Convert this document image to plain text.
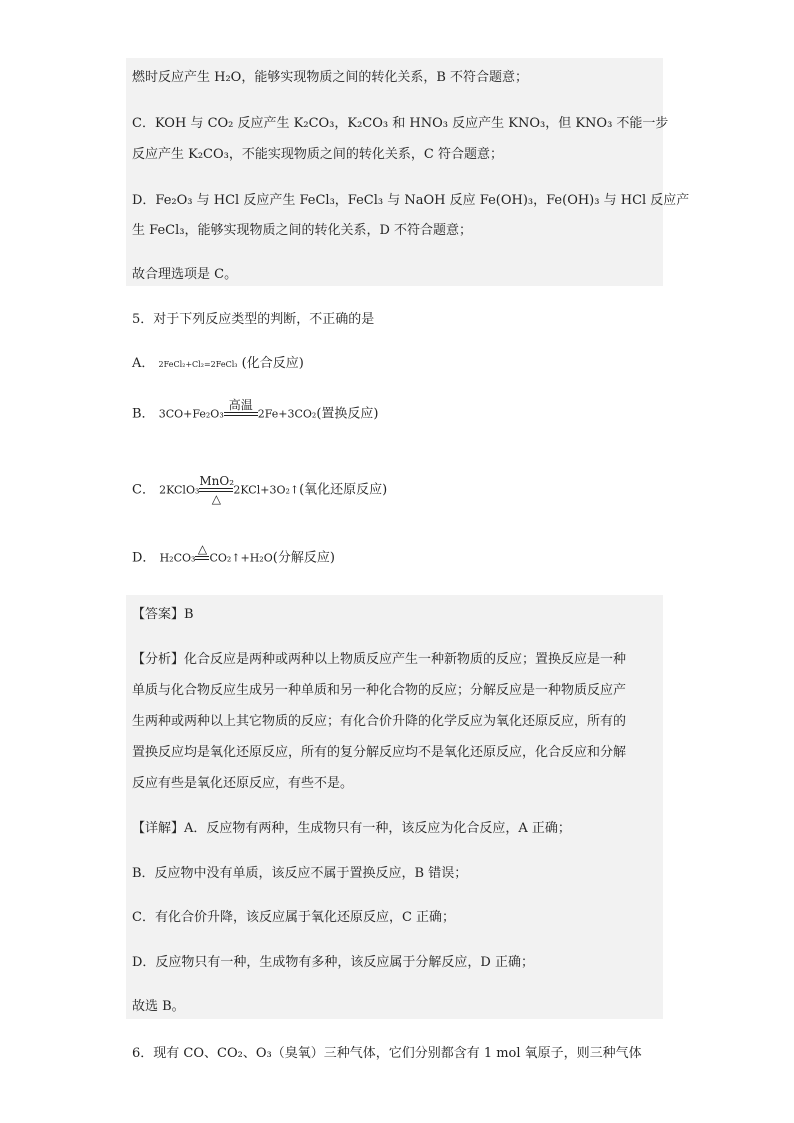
燃时反应产生 H₂O，能够实现物质之间的转化关系，B 不符合题意；
C．KOH 与 CO₂ 反应产生 K₂CO₃，K₂CO₃ 和 HNO₃ 反应产生 KNO₃，但 KNO₃ 不能一步
反应产生 K₂CO₃，不能实现物质之间的转化关系，C 符合题意；
D．Fe₂O₃ 与 HCl 反应产生 FeCl₃，FeCl₃ 与 NaOH 反应 Fe(OH)₃，Fe(OH)₃ 与 HCl 反应产
生 FeCl₃，能够实现物质之间的转化关系，D 不符合题意；
故合理选项是 C。
5．对于下列反应类型的判断，不正确的是
A． 2FeCl₂+Cl₂=2FeCl₃ (化合反应)
B． 3CO+Fe₂O₃
高温

2Fe+3CO₂(置换反应)
C． 2KClO₃
MnO₂
△
2KCl+3O₂↑(氧化还原反应)
D． H₂CO₃
△

CO₂↑+H₂O(分解反应)
【答案】B
【分析】化合反应是两种或两种以上物质反应产生一种新物质的反应；置换反应是一种
单质与化合物反应生成另一种单质和另一种化合物的反应；分解反应是一种物质反应产
生两种或两种以上其它物质的反应；有化合价升降的化学反应为氧化还原反应，所有的
置换反应均是氧化还原反应，所有的复分解反应均不是氧化还原反应，化合反应和分解
反应有些是氧化还原反应，有些不是。
【详解】A．反应物有两种，生成物只有一种，该反应为化合反应，A 正确；
B．反应物中没有单质，该反应不属于置换反应，B 错误；
C．有化合价升降，该反应属于氧化还原反应，C 正确；
D．反应物只有一种，生成物有多种，该反应属于分解反应，D 正确；
故选 B。
6．现有 CO、CO₂、O₃（臭氧）三种气体，它们分别都含有 1 mol 氧原子，则三种气体
